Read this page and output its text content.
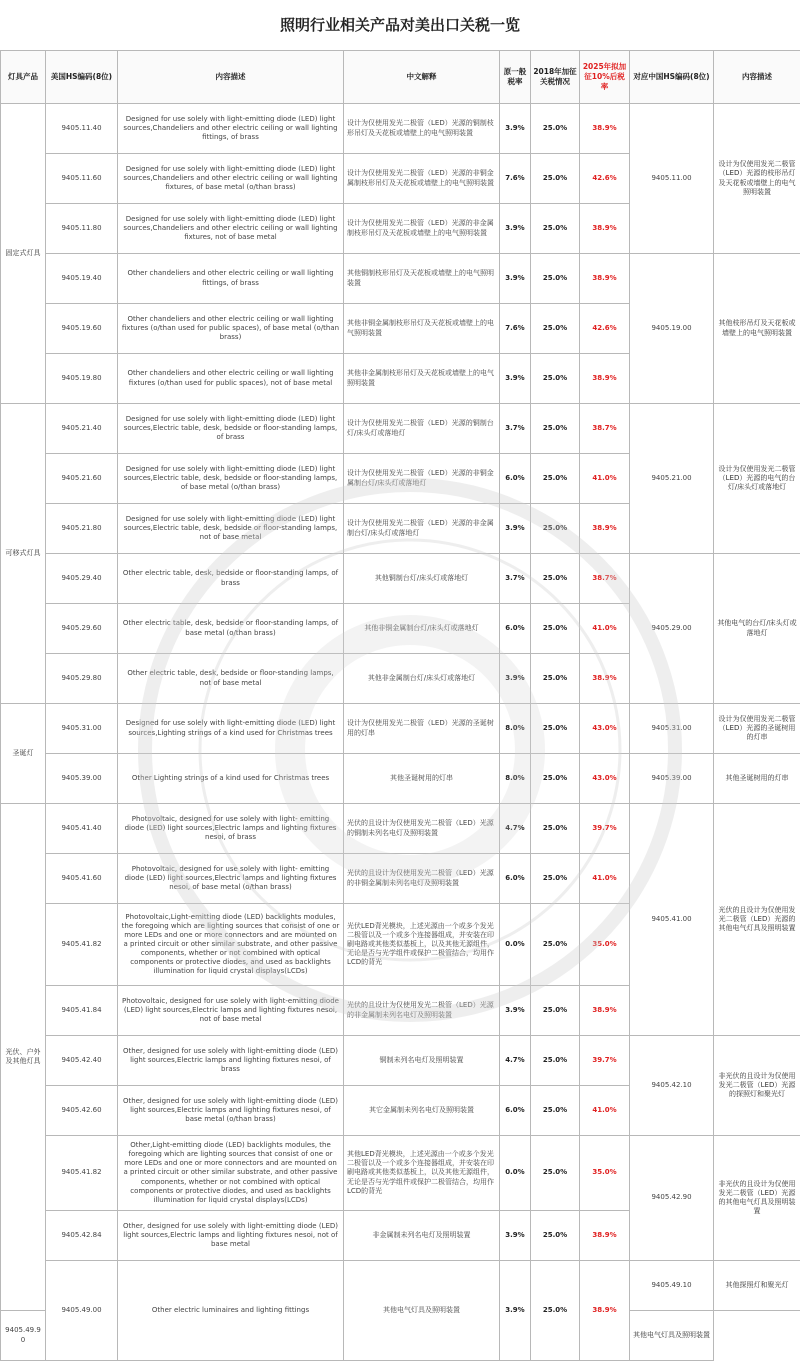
照明行业相关产品对美出口关税一览
灯具产品	美国HS编码(8位)	内容描述	中文解释	原一般税率	2018年加征关税情况	2025年拟加征10%后税率	对应中国HS编码(8位)	内容描述
固定式灯具	9405.11.40	Designed for use solely with light-emitting diode (LED) light sources,Chandeliers and other electric ceiling or wall lighting fittings, of brass	设计为仅使用发光二极管（LED）光源的铜制枝形吊灯及天花板或墙壁上的电气照明装置	3.9%	25.0%	38.9%	9405.11.00	设计为仅使用发光二极管（LED）光源的枝形吊灯及天花板或墙壁上的电气照明装置
	9405.11.60	Designed for use solely with light-emitting diode (LED) light sources,Chandeliers and other electric ceiling or wall lighting fixtures, of base metal (o/than brass)	设计为仅使用发光二极管（LED）光源的非铜金属制枝形吊灯及天花板或墙壁上的电气照明装置	7.6%	25.0%	42.6%		
	9405.11.80	Designed for use solely with light-emitting diode (LED) light sources,Chandeliers and other electric ceiling or wall lighting fixtures, not of base metal	设计为仅使用发光二极管（LED）光源的非金属制枝形吊灯及天花板或墙壁上的电气照明装置	3.9%	25.0%	38.9%		
	9405.19.40	Other chandeliers and other electric ceiling or wall lighting fittings, of brass	其他铜制枝形吊灯及天花板或墙壁上的电气照明装置	3.9%	25.0%	38.9%	9405.19.00	其他枝形吊灯及天花板或墙壁上的电气照明装置
	9405.19.60	Other chandeliers and other electric ceiling or wall lighting fixtures (o/than used for public spaces), of base metal (o/than brass)	其他非铜金属制枝形吊灯及天花板或墙壁上的电气照明装置	7.6%	25.0%	42.6%		
	9405.19.80	Other chandeliers and other electric ceiling or wall lighting fixtures (o/than used for public spaces), not of base metal	其他非金属制枝形吊灯及天花板或墙壁上的电气照明装置	3.9%	25.0%	38.9%		
可移式灯具	9405.21.40	Designed for use solely with light-emitting diode (LED) light sources,Electric table, desk, bedside or floor-standing lamps, of brass	设计为仅使用发光二极管（LED）光源的铜制台灯/床头灯或落地灯	3.7%	25.0%	38.7%	9405.21.00	设计为仅使用发光二极管（LED）光源的电气的台灯/床头灯或落地灯
	9405.21.60	Designed for use solely with light-emitting diode (LED) light sources,Electric table, desk, bedside or floor-standing lamps, of base metal (o/than brass)	设计为仅使用发光二极管（LED）光源的非铜金属制台灯/床头灯或落地灯	6.0%	25.0%	41.0%		
	9405.21.80	Designed for use solely with light-emitting diode (LED) light sources,Electric table, desk, bedside or floor-standing lamps, not of base metal	设计为仅使用发光二极管（LED）光源的非金属制台灯/床头灯或落地灯	3.9%	25.0%	38.9%		
	9405.29.40	Other electric table, desk, bedside or floor-standing lamps, of brass	其他铜制台灯/床头灯或落地灯	3.7%	25.0%	38.7%	9405.29.00	其他电气的台灯/床头灯或落地灯
	9405.29.60	Other electric table, desk, bedside or floor-standing lamps, of base metal (o/than brass)	其他非铜金属制台灯/床头灯或落地灯	6.0%	25.0%	41.0%		
	9405.29.80	Other electric table, desk, bedside or floor-standing lamps, not of base metal	其他非金属制台灯/床头灯或落地灯	3.9%	25.0%	38.9%		
圣诞灯	9405.31.00	Designed for use solely with light-emitting diode (LED) light sources,Lighting strings of a kind used for Christmas trees	设计为仅使用发光二极管（LED）光源的圣诞树用的灯串	8.0%	25.0%	43.0%	9405.31.00	设计为仅使用发光二极管（LED）光源的圣诞树用的灯串
	9405.39.00	Other Lighting strings of a kind used for Christmas trees	其他圣诞树用的灯串	8.0%	25.0%	43.0%	9405.39.00	其他圣诞树用的灯串
光伏、户外及其他灯具	9405.41.40	Photovoltaic, designed for use solely with light- emitting diode (LED) light sources,Electric lamps and lighting fixtures nesoi, of brass	光伏的且设计为仅使用发光二极管（LED）光源的铜制未列名电灯及照明装置	4.7%	25.0%	39.7%	9405.41.00	光伏的且设计为仅使用发光二极管（LED）光源的其他电气灯具及照明装置
	9405.41.60	Photovoltaic, designed for use solely with light- emitting diode (LED) light sources,Electric lamps and lighting fixtures nesoi, of base metal (o/than brass)	光伏的且设计为仅使用发光二极管（LED）光源的非铜金属制未列名电灯及照明装置	6.0%	25.0%	41.0%		
	9405.41.82	Photovoltaic,Light-emitting diode (LED) backlights modules, the foregoing which are lighting sources that consist of one or more LEDs and one or more connectors and are mounted on a printed circuit or other similar substrate, and other passive components, whether or not combined with optical components or protective diodes, and used as backlights illumination for liquid crystal displays(LCDs)	光伏LED背光模块，上述光源由一个或多个发光二极管以及一个或多个连接器组成，并安装在印刷电路或其他类似基板上，以及其他无源组件，无论是否与光学组件或保护二极管结合，均用作LCD的背光	0.0%	25.0%	35.0%		
	9405.41.84	Photovoltaic, designed for use solely with light-emitting diode (LED) light sources,Electric lamps and lighting fixtures nesoi, not of base metal	光伏的且设计为仅使用发光二极管（LED）光源的非金属制未列名电灯及照明装置	3.9%	25.0%	38.9%		
	9405.42.40	Other, designed for use solely with light-emitting diode (LED) light sources,Electric lamps and lighting fixtures nesoi, of brass	铜制未列名电灯及照明装置	4.7%	25.0%	39.7%	9405.42.10	非光伏的且设计为仅使用发光二极管（LED）光源的探照灯和聚光灯
	9405.42.60	Other, designed for use solely with light-emitting diode (LED) light sources,Electric lamps and lighting fixtures nesoi, of base metal (o/than brass)	其它金属制未列名电灯及照明装置	6.0%	25.0%	41.0%		
	9405.41.82	Other,Light-emitting diode (LED) backlights modules, the foregoing which are lighting sources that consist of one or more LEDs and one or more connectors and are mounted on a printed circuit or other similar substrate, and other passive components, whether or not combined with optical components or protective diodes, and used as backlights illumination for liquid crystal displays(LCDs)	其他LED背光模块，上述光源由一个或多个发光二极管以及一个或多个连接器组成，并安装在印刷电路或其他类似基板上，以及其他无源组件，无论是否与光学组件或保护二极管结合，均用作LCD的背光	0.0%	25.0%	35.0%	9405.42.90	非光伏的且设计为仅使用发光二极管（LED）光源的其他电气灯具及照明装置
	9405.42.84	Other, designed for use solely with light-emitting diode (LED) light sources,Electric lamps and lighting fixtures nesoi, not of base metal	非金属制未列名电灯及照明装置	3.9%	25.0%	38.9%		
	9405.49.00	Other electric luminaires and lighting fittings	其他电气灯具及照明装置	3.9%	25.0%	38.9%	9405.49.10	其他探照灯和聚光灯
9405.49.90							其他电气灯具及照明装置	
